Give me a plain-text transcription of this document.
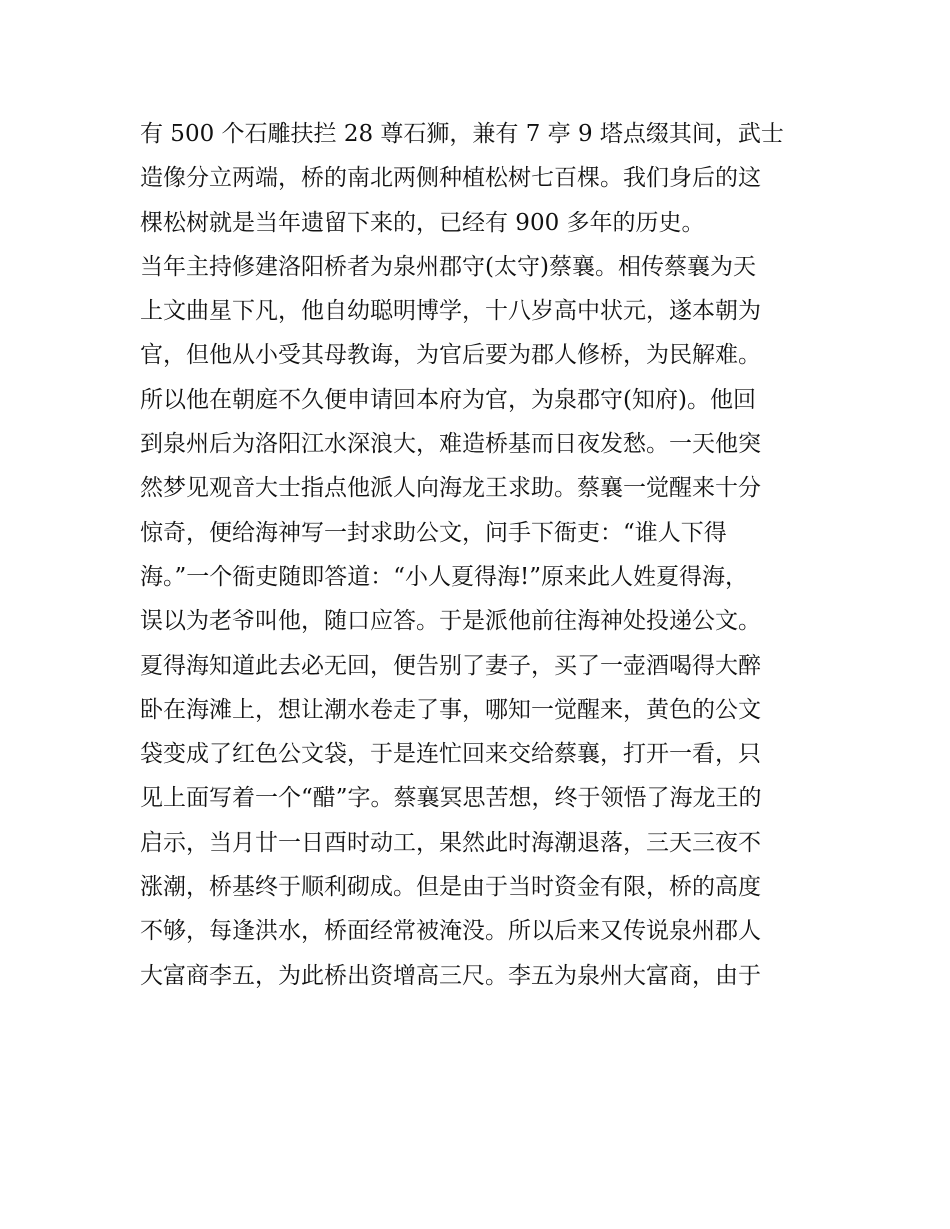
有 500 个石雕扶拦 28 尊石狮，兼有 7 亭 9 塔点缀其间，武士
造像分立两端，桥的南北两侧种植松树七百棵。我们身后的这
棵松树就是当年遗留下来的，已经有 900 多年的历史。
当年主持修建洛阳桥者为泉州郡守(太守)蔡襄。相传蔡襄为天
上文曲星下凡，他自幼聪明博学，十八岁高中状元，遂本朝为
官，但他从小受其母教诲，为官后要为郡人修桥，为民解难。
所以他在朝庭不久便申请回本府为官，为泉郡守(知府)。他回
到泉州后为洛阳江水深浪大，难造桥基而日夜发愁。一天他突
然梦见观音大士指点他派人向海龙王求助。蔡襄一觉醒来十分
惊奇，便给海神写一封求助公文，问手下衙吏：“谁人下得
海。”一个衙吏随即答道：“小人夏得海!”原来此人姓夏得海，
误以为老爷叫他，随口应答。于是派他前往海神处投递公文。
夏得海知道此去必无回，便告别了妻子，买了一壶酒喝得大醉
卧在海滩上，想让潮水卷走了事，哪知一觉醒来，黄色的公文
袋变成了红色公文袋，于是连忙回来交给蔡襄，打开一看，只
见上面写着一个“醋”字。蔡襄冥思苦想，终于领悟了海龙王的
启示，当月廿一日酉时动工，果然此时海潮退落，三天三夜不
涨潮，桥基终于顺利砌成。但是由于当时资金有限，桥的高度
不够，每逢洪水，桥面经常被淹没。所以后来又传说泉州郡人
大富商李五，为此桥出资增高三尺。李五为泉州大富商，由于
